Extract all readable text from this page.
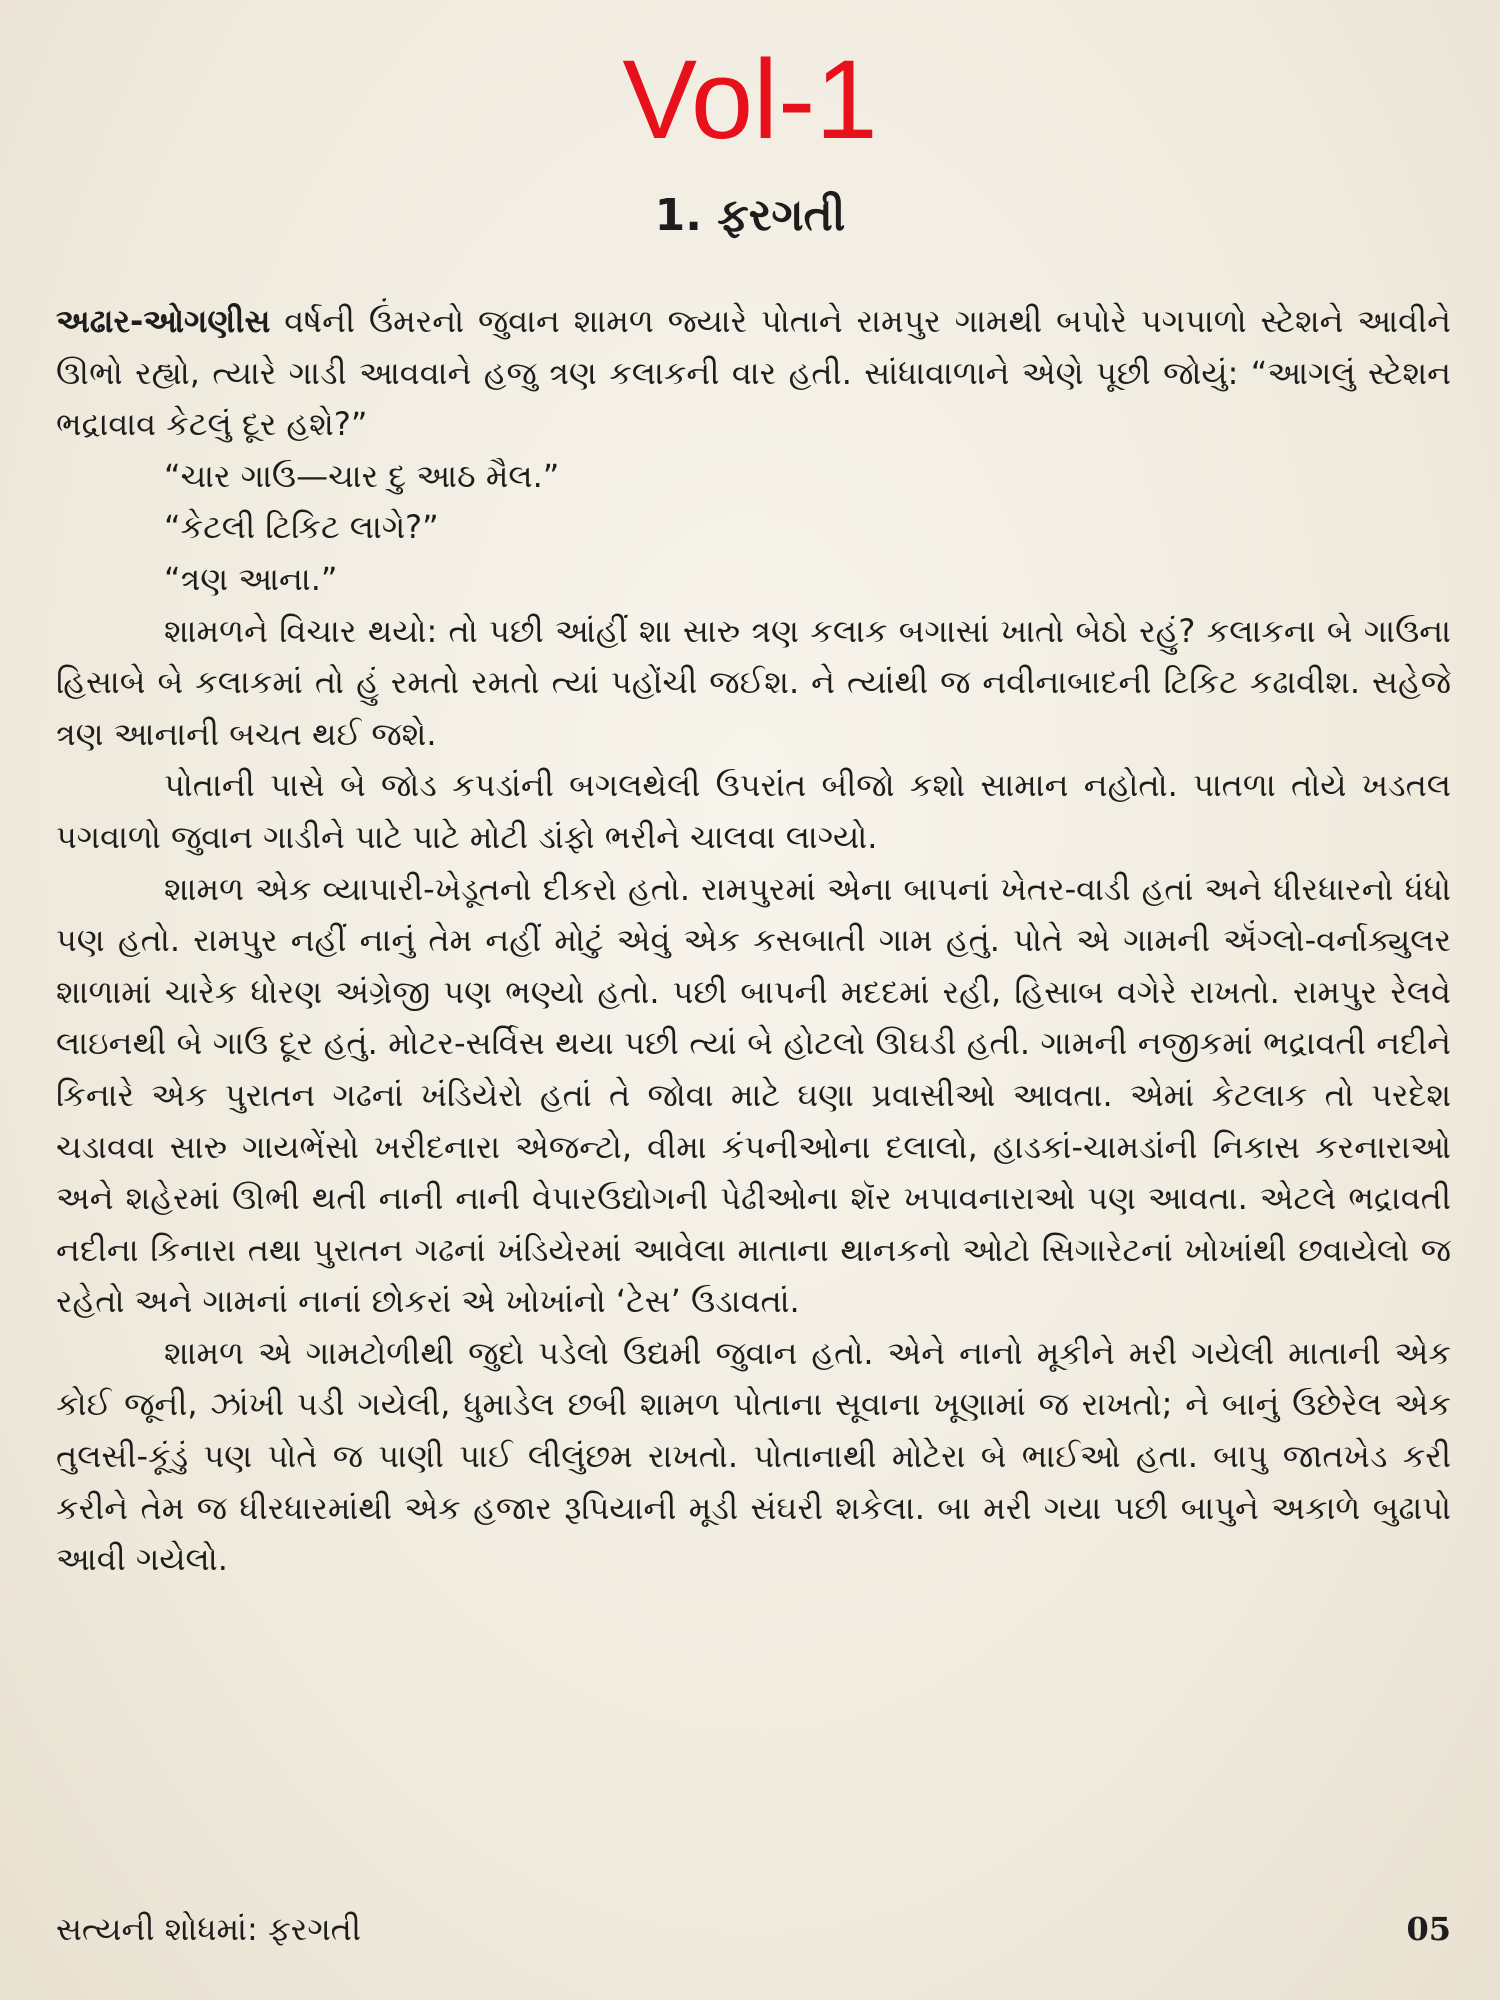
Vol-1
1. ફરગતી

અઢાર-ઓગણીસ વર્ષની ઉંમરનો જુવાન શામળ જ્યારે પોતાને રામપુર ગામથી બપોરે પગપાળો સ્ટેશને આવીને ઊભો રહ્યો, ત્યારે ગાડી આવવાને હજુ ત્રણ કલાકની વાર હતી. સાંધાવાળાને એણે પૂછી જોયું: “આગલું સ્ટેશન ભદ્રાવાવ કેટલું દૂર હશે?”

“ચાર ગાઉ—ચાર દુ આઠ મૈલ.”

“કેટલી ટિકિટ લાગે?”

“ત્રણ આના.”

શામળને વિચાર થયો: તો પછી આંહીં શા સારુ ત્રણ કલાક બગાસાં ખાતો બેઠો રહું? કલાકના બે ગાઉના હિસાબે બે કલાકમાં તો હું રમતો રમતો ત્યાં પહોંચી જઈશ. ને ત્યાંથી જ નવીનાબાદની ટિકિટ કઢાવીશ. સહેજે ત્રણ આનાની બચત થઈ જશે.

પોતાની પાસે બે જોડ કપડાંની બગલથેલી ઉપરાંત બીજો કશો સામાન નહોતો. પાતળા તોયે ખડતલ પગવાળો જુવાન ગાડીને પાટે પાટે મોટી ડાંફો ભરીને ચાલવા લાગ્યો.

શામળ એક વ્યાપારી-ખેડૂતનો દીકરો હતો. રામપુરમાં એના બાપનાં ખેતર-વાડી હતાં અને ધીરધારનો ધંધો પણ હતો. રામપુર નહીં નાનું તેમ નહીં મોટું એવું એક કસબાતી ગામ હતું. પોતે એ ગામની ઍંગ્લો-વર્નાક્યુલર શાળામાં ચારેક ધોરણ અંગ્રેજી પણ ભણ્યો હતો. પછી બાપની મદદમાં રહી, હિસાબ વગેરે રાખતો. રામપુર રેલવે લાઇનથી બે ગાઉ દૂર હતું. મોટર-સર્વિસ થયા પછી ત્યાં બે હોટલો ઊઘડી હતી. ગામની નજીકમાં ભદ્રાવતી નદીને કિનારે એક પુરાતન ગઢનાં ખંડિયેરો હતાં તે જોવા માટે ઘણા પ્રવાસીઓ આવતા. એમાં કેટલાક તો પરદેશ ચડાવવા સારુ ગાયભેંસો ખરીદનારા એજન્ટો, વીમા કંપનીઓના દલાલો, હાડકાં-ચામડાંની નિકાસ કરનારાઓ અને શહેરમાં ઊભી થતી નાની નાની વેપારઉદ્યોગની પેઢીઓના શૅર ખપાવનારાઓ પણ આવતા. એટલે ભદ્રાવતી નદીના કિનારા તથા પુરાતન ગઢનાં ખંડિયેરમાં આવેલા માતાના થાનકનો ઓટો સિગારેટનાં ખોખાંથી છવાયેલો જ રહેતો અને ગામનાં નાનાં છોકરાં એ ખોખાંનો ‘ટેસ’ ઉડાવતાં.

શામળ એ ગામટોળીથી જુદો પડેલો ઉદ્યમી જુવાન હતો. એને નાનો મૂકીને મરી ગયેલી માતાની એક કોઈ જૂની, ઝાંખી પડી ગયેલી, ધુમાડેલ છબી શામળ પોતાના સૂવાના ખૂણામાં જ રાખતો; ને બાનું ઉછેરેલ એક તુલસી-કૂંડું પણ પોતે જ પાણી પાઈ લીલુંછમ રાખતો. પોતાનાથી મોટેરા બે ભાઈઓ હતા. બાપુ જાતખેડ કરી કરીને તેમ જ ધીરધારમાંથી એક હજાર રૂપિયાની મૂડી સંઘરી શકેલા. બા મરી ગયા પછી બાપુને અકાળે બુઢાપો આવી ગયેલો.

સત્યની શોધમાં: ફરગતી	05
